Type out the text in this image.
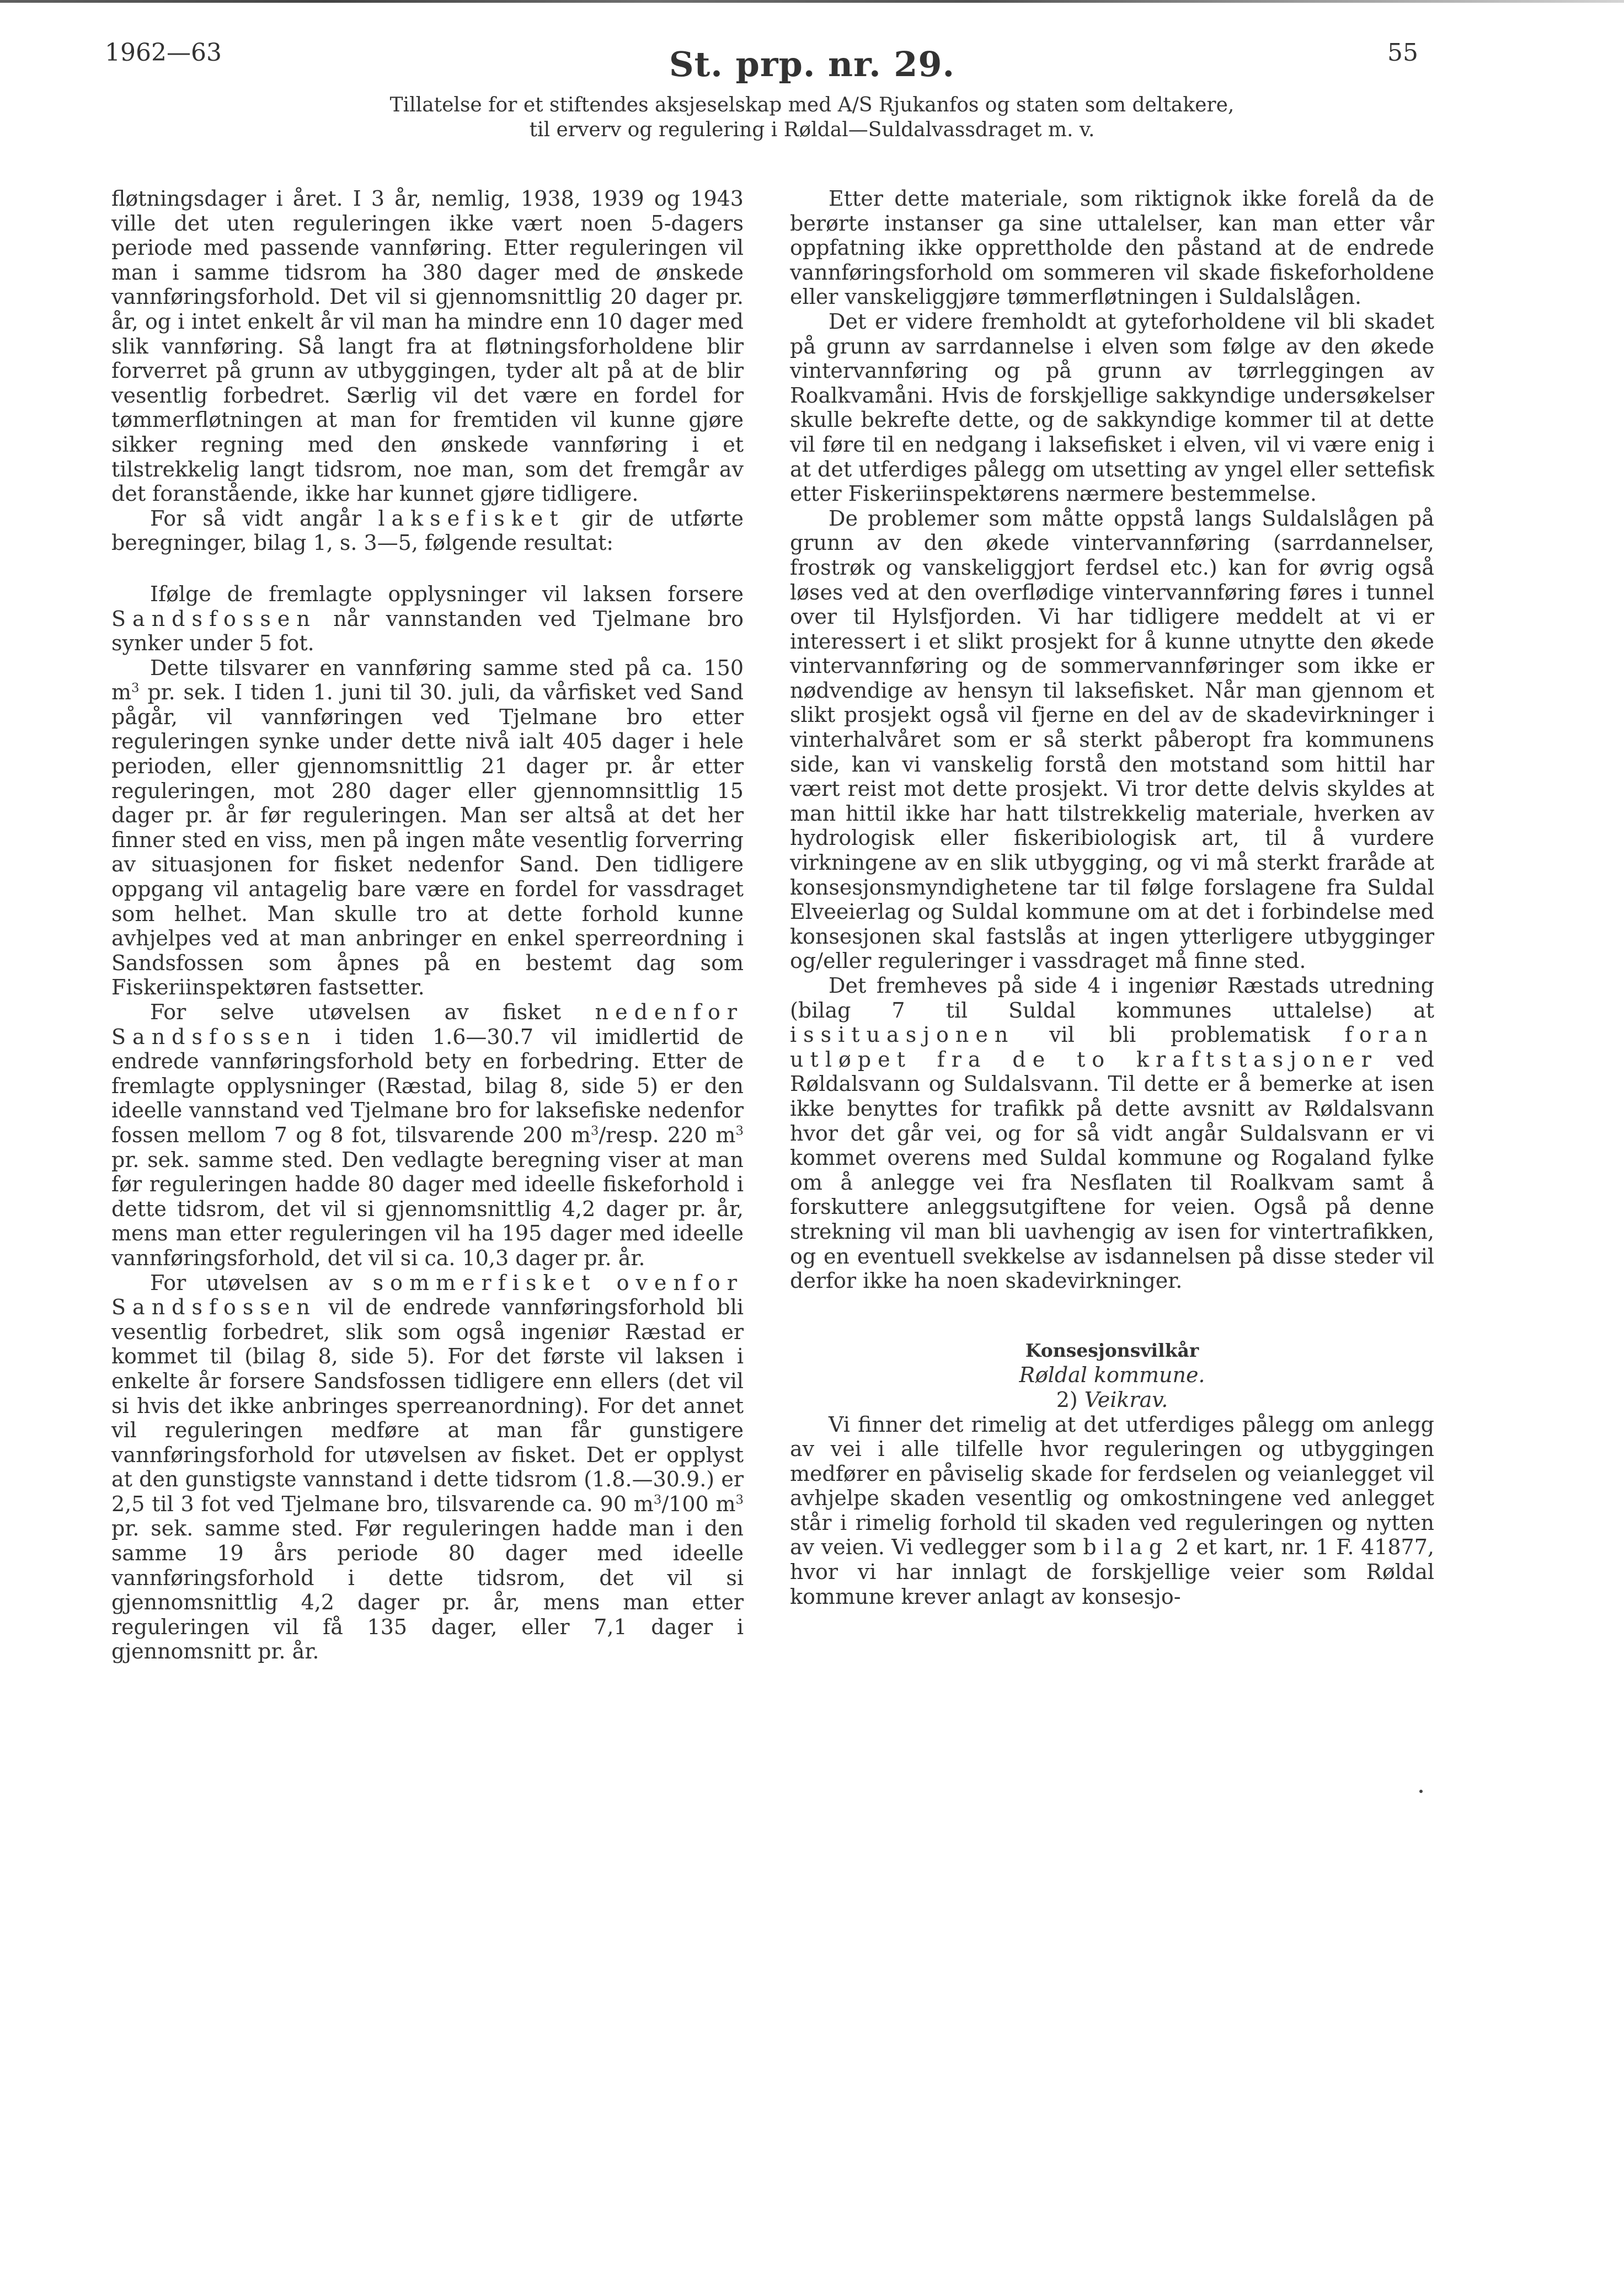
1962—63	St. prp. nr. 29.	55
Tillatelse for et stiftendes aksjeselskap med A/S Rjukanfos og staten som deltakere,
til erverv og regulering i Røldal—Suldalvassdraget m. v.

fløtningsdager i året. I 3 år, nemlig, 1938, 1939 og 1943 ville det uten reguleringen ikke vært noen 5-dagers periode med passende vannføring. Etter reguleringen vil man i samme tidsrom ha 380 dager med de ønskede vannføringsforhold. Det vil si gjennomsnittlig 20 dager pr. år, og i intet enkelt år vil man ha mindre enn 10 dager med slik vannføring. Så langt fra at fløtningsforholdene blir forverret på grunn av utbyggingen, tyder alt på at de blir vesentlig forbedret. Særlig vil det være en fordel for tømmerfløtningen at man for fremtiden vil kunne gjøre sikker regning med den ønskede vannføring i et tilstrekkelig langt tidsrom, noe man, som det fremgår av det foranstående, ikke har kunnet gjøre tidligere.

For så vidt angår laksefisket gir de utførte beregninger, bilag 1, s. 3—5, følgende resultat:

Ifølge de fremlagte opplysninger vil laksen forsere Sandsfossen når vannstanden ved Tjelmane bro synker under 5 fot.

Dette tilsvarer en vannføring samme sted på ca. 150 $m^3$ pr. sek. I tiden 1. juni til 30. juli, da vårfisket ved Sand pågår, vil vannføringen ved Tjelmane bro etter reguleringen synke under dette nivå ialt 405 dager i hele perioden, eller gjennomsnittlig 21 dager pr. år etter reguleringen, mot 280 dager eller gjennomnsittlig 15 dager pr. år før reguleringen. Man ser altså at det her finner sted en viss, men på ingen måte vesentlig forverring av situasjonen for fisket nedenfor Sand. Den tidligere oppgang vil antagelig bare være en fordel for vassdraget som helhet. Man skulle tro at dette forhold kunne avhjelpes ved at man anbringer en enkel sperreordning i Sandsfossen som åpnes på en bestemt dag som Fiskeriinspektøren fastsetter.

For selve utøvelsen av fisket nedenfor Sandsfossen i tiden 1.6—30.7 vil imidlertid de endrede vannføringsforhold bety en forbedring. Etter de fremlagte opplysninger (Ræstad, bilag 8, side 5) er den ideelle vannstand ved Tjelmane bro for laksefiske nedenfor fossen mellom 7 og 8 fot, tilsvarende 200 $m^3$/resp. 220 $m^3$ pr. sek. samme sted. Den vedlagte beregning viser at man før reguleringen hadde 80 dager med ideelle fiskeforhold i dette tidsrom, det vil si gjennomsnittlig 4,2 dager pr. år, mens man etter reguleringen vil ha 195 dager med ideelle vannføringsforhold, det vil si ca. 10,3 dager pr. år.

For utøvelsen av sommerfisket ovenfor Sandsfossen vil de endrede vannføringsforhold bli vesentlig forbedret, slik som også ingeniør Ræstad er kommet til (bilag 8, side 5). For det første vil laksen i enkelte år forsere Sandsfossen tidligere enn ellers (det vil si hvis det ikke anbringes sperreanordning). For det annet vil reguleringen medføre at man får gunstigere vannføringsforhold for utøvelsen av fisket. Det er opplyst at den gunstigste vannstand i dette tidsrom (1.8.—30.9.) er 2,5 til 3 fot ved Tjelmane bro, tilsvarende ca. 90 $m^3/100$ $m^3$ pr. sek. samme sted. Før reguleringen hadde man i den samme 19 års periode 80 dager med ideelle vannføringsforhold i dette tidsrom, det vil si gjennomsnittlig 4,2 dager pr. år, mens man etter reguleringen vil få 135 dager, eller 7,1 dager i gjennomsnitt pr. år.

Etter dette materiale, som riktignok ikke forelå da de berørte instanser ga sine uttalelser, kan man etter vår oppfatning ikke opprettholde den påstand at de endrede vannføringsforhold om sommeren vil skade fiskeforholdene eller vanskeliggjøre tømmerfløtningen i Suldalslågen.

Det er videre fremholdt at gyteforholdene vil bli skadet på grunn av sarrdannelse i elven som følge av den økede vintervannføring og på grunn av tørrleggingen av Roalkvamåni. Hvis de forskjellige sakkyndige undersøkelser skulle bekrefte dette, og de sakkyndige kommer til at dette vil føre til en nedgang i laksefisket i elven, vil vi være enig i at det utferdiges pålegg om utsetting av yngel eller settefisk etter Fiskeriinspektørens nærmere bestemmelse.

De problemer som måtte oppstå langs Suldalslågen på grunn av den økede vintervannføring (sarrdannelser, frostrøk og vanskeliggjort ferdsel etc.) kan for øvrig også løses ved at den overflødige vintervannføring føres i tunnel over til Hylsfjorden. Vi har tidligere meddelt at vi er interessert i et slikt prosjekt for å kunne utnytte den økede vintervannføring og de sommervannføringer som ikke er nødvendige av hensyn til laksefisket. Når man gjennom et slikt prosjekt også vil fjerne en del av de skadevirkninger i vinterhalvåret som er så sterkt påberopt fra kommunens side, kan vi vanskelig forstå den motstand som hittil har vært reist mot dette prosjekt. Vi tror dette delvis skyldes at man hittil ikke har hatt tilstrekkelig materiale, hverken av hydrologisk eller fiskeribiologisk art, til å vurdere virkningene av en slik utbygging, og vi må sterkt fraråde at konsesjonsmyndighetene tar til følge forslagene fra Suldal Elveeierlag og Suldal kommune om at det i forbindelse med konsesjonen skal fastslås at ingen ytterligere utbygginger og/eller reguleringer i vassdraget må finne sted.

Det fremheves på side 4 i ingeniør Ræstads utredning (bilag 7 til Suldal kommunes uttalelse) at issituasjonen vil bli problematisk foran utløpet fra de to kraftstasjoner ved Røldalsvann og Suldalsvann. Til dette er å bemerke at isen ikke benyttes for trafikk på dette avsnitt av Røldalsvann hvor det går vei, og for så vidt angår Suldalsvann er vi kommet overens med Suldal kommune og Rogaland fylke om å anlegge vei fra Nesflaten til Roalkvam samt å forskuttere anleggsutgiftene for veien. Også på denne strekning vil man bli uavhengig av isen for vintertrafikken, og en eventuell svekkelse av isdannelsen på disse steder vil derfor ikke ha noen skadevirkninger.

Konsesjonsvilkår

Røldal kommune.

2) Veikrav.

Vi finner det rimelig at det utferdiges pålegg om anlegg av vei i alle tilfelle hvor reguleringen og utbyggingen medfører en påviselig skade for ferdselen og veianlegget vil avhjelpe skaden vesentlig og omkostningene ved anlegget står i rimelig forhold til skaden ved reguleringen og nytten av veien. Vi vedlegger som bilag 2 et kart, nr. 1 F. 41877, hvor vi har innlagt de forskjellige veier som Røldal kommune krever anlagt av konsesjo-
